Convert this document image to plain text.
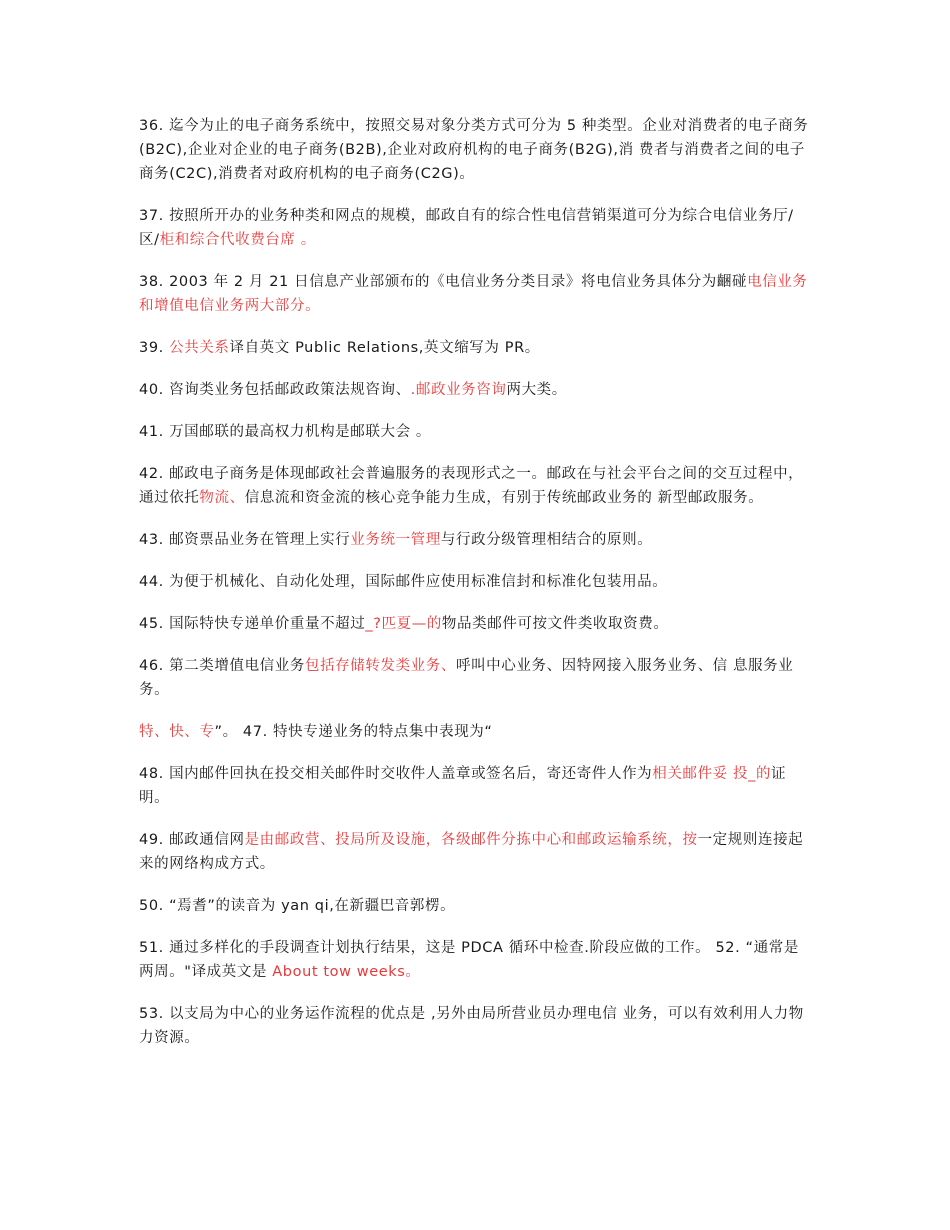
36. 迄今为止的电子商务系统中，按照交易对象分类方式可分为 5 种类型。企业对消费者的电子商务(B2C),企业对企业的电子商务(B2B),企业对政府机构的电子商务(B2G),消 费者与消费者之间的电子商务(C2C),消费者对政府机构的电子商务(C2G)。

37. 按照所开办的业务种类和网点的规模，邮政自有的综合性电信营销渠道可分为综合电信业务厅/区/柜和综合代收费台席 。

38. 2003 年 2 月 21 日信息产业部颁布的《电信业务分类目录》将电信业务具体分为齫碰电信业务和增值电信业务两大部分。

39. 公共关系译自英文 Public Relations,英文缩写为 PR。

40. 咨询类业务包括邮政政策法规咨询、.邮政业务咨询两大类。

41. 万国邮联的最高权力机构是邮联大会 。

42. 邮政电子商务是体现邮政社会普遍服务的表现形式之一。邮政在与社会平台之间的交互过程中，通过依托物流、信息流和资金流的核心竞争能力生成，有别于传统邮政业务的 新型邮政服务。

43. 邮资票品业务在管理上实行业务统一管理与行政分级管理相结合的原则。

44. 为便于机械化、自动化处理，国际邮件应使用标准信封和标准化包装用品。

45. 国际特快专递单价重量不超过_?匹夏—的物品类邮件可按文件类收取资费。

46. 第二类增值电信业务包括存储转发类业务、呼叫中心业务、因特网接入服务业务、信 息服务业务。

特、快、专”。 47. 特快专递业务的特点集中表现为“

48. 国内邮件回执在投交相关邮件时交收件人盖章或签名后，寄还寄件人作为相关邮件妥 投_的证明。

49. 邮政通信网是由邮政营、投局所及设施，各级邮件分拣中心和邮政运输系统，按一定规则连接起来的网络构成方式。

50. “焉耆”的读音为 yan qi,在新疆巴音郭楞。

51. 通过多样化的手段调查计划执行结果，这是 PDCA 循环中检查.阶段应做的工作。 52. “通常是两周。"译成英文是 About tow weeks。

53. 以支局为中心的业务运作流程的优点是 ,另外由局所营业员办理电信 业务，可以有效利用人力物力资源。
